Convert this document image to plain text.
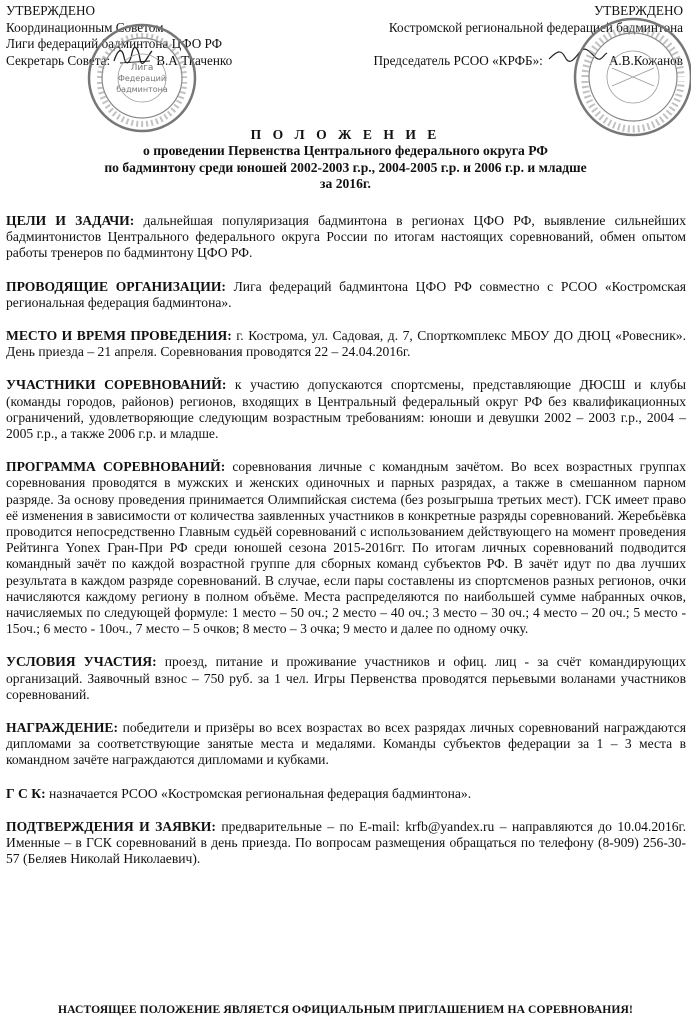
УТВЕРЖДЕНО
Координационным Советом
Лиги федераций бадминтона ЦФО РФ
Секретарь Совета:	В.А.Ткаченко
УТВЕРЖДЕНО
Костромской региональной федерацией бадминтона
Председатель РСОО «КРФБ»:	А.В.Кожанов
Лига
Федераций
бадминтона
П О Л О Ж Е Н И Е
о проведении Первенства Центрального федерального округа РФ
по бадминтону среди юношей 2002-2003 г.р., 2004-2005 г.р. и 2006 г.р. и младше
за 2016г.

ЦЕЛИ И ЗАДАЧИ: дальнейшая популяризация бадминтона в регионах ЦФО РФ, выявление сильнейших бадминтонистов Центрального федерального округа России по итогам настоящих соревнований, обмен опытом работы тренеров по бадминтону ЦФО РФ.

ПРОВОДЯЩИЕ ОРГАНИЗАЦИИ: Лига федераций бадминтона ЦФО РФ совместно с РСОО «Костромская региональная федерация бадминтона».

МЕСТО И ВРЕМЯ ПРОВЕДЕНИЯ: г. Кострома, ул. Садовая, д. 7, Спорткомплекс МБОУ ДО ДЮЦ «Ровесник». День приезда – 21 апреля. Соревнования проводятся 22 – 24.04.2016г.

УЧАСТНИКИ СОРЕВНОВАНИЙ: к участию допускаются спортсмены, представляющие ДЮСШ и клубы (команды городов, районов) регионов, входящих в Центральный федеральный округ РФ без квалификационных ограничений, удовлетворяющие следующим возрастным требованиям: юноши и девушки 2002 – 2003 г.р., 2004 – 2005 г.р., а также 2006 г.р. и младше.

ПРОГРАММА СОРЕВНОВАНИЙ: соревнования личные с командным зачётом. Во всех возрастных группах соревнования проводятся в мужских и женских одиночных и парных разрядах, а также в смешанном парном разряде. За основу проведения принимается Олимпийская система (без розыгрыша третьих мест). ГСК имеет право её изменения в зависимости от количества заявленных участников в конкретные разряды соревнований. Жеребьёвка проводится непосредственно Главным судьёй соревнований с использованием действующего на момент проведения Рейтинга Yonex Гран-При РФ среди юношей сезона 2015-2016гг. По итогам личных соревнований подводится командный зачёт по каждой возрастной группе для сборных команд субъектов РФ. В зачёт идут по два лучших результата в каждом разряде соревнований. В случае, если пары составлены из спортсменов разных регионов, очки начисляются каждому региону в полном объёме. Места распределяются по наибольшей сумме набранных очков, начисляемых по следующей формуле: 1 место – 50 оч.; 2 место – 40 оч.; 3 место – 30 оч.; 4 место – 20 оч.; 5 место - 15оч.; 6 место - 10оч., 7 место – 5 очков; 8 место – 3 очка; 9 место и далее по одному очку.

УСЛОВИЯ УЧАСТИЯ: проезд, питание и проживание участников и офиц. лиц - за счёт командирующих организаций. Заявочный взнос – 750 руб. за 1 чел. Игры Первенства проводятся перьевыми воланами участников соревнований.

НАГРАЖДЕНИЕ: победители и призёры во всех возрастах во всех разрядах личных соревнований награждаются дипломами за соответствующие занятые места и медалями. Команды субъектов федерации за 1 – 3 места в командном зачёте награждаются дипломами и кубками.

Г С К: назначается РСОО «Костромская региональная федерация бадминтона».

ПОДТВЕРЖДЕНИЯ И ЗАЯВКИ: предварительные – по E-mail: krfb@yandex.ru – направляются до 10.04.2016г. Именные – в ГСК соревнований в день приезда. По вопросам размещения обращаться по телефону (8-909) 256-30-57 (Беляев Николай Николаевич).

НАСТОЯЩЕЕ ПОЛОЖЕНИЕ ЯВЛЯЕТСЯ ОФИЦИАЛЬНЫМ ПРИГЛАШЕНИЕМ НА СОРЕВНОВАНИЯ!
